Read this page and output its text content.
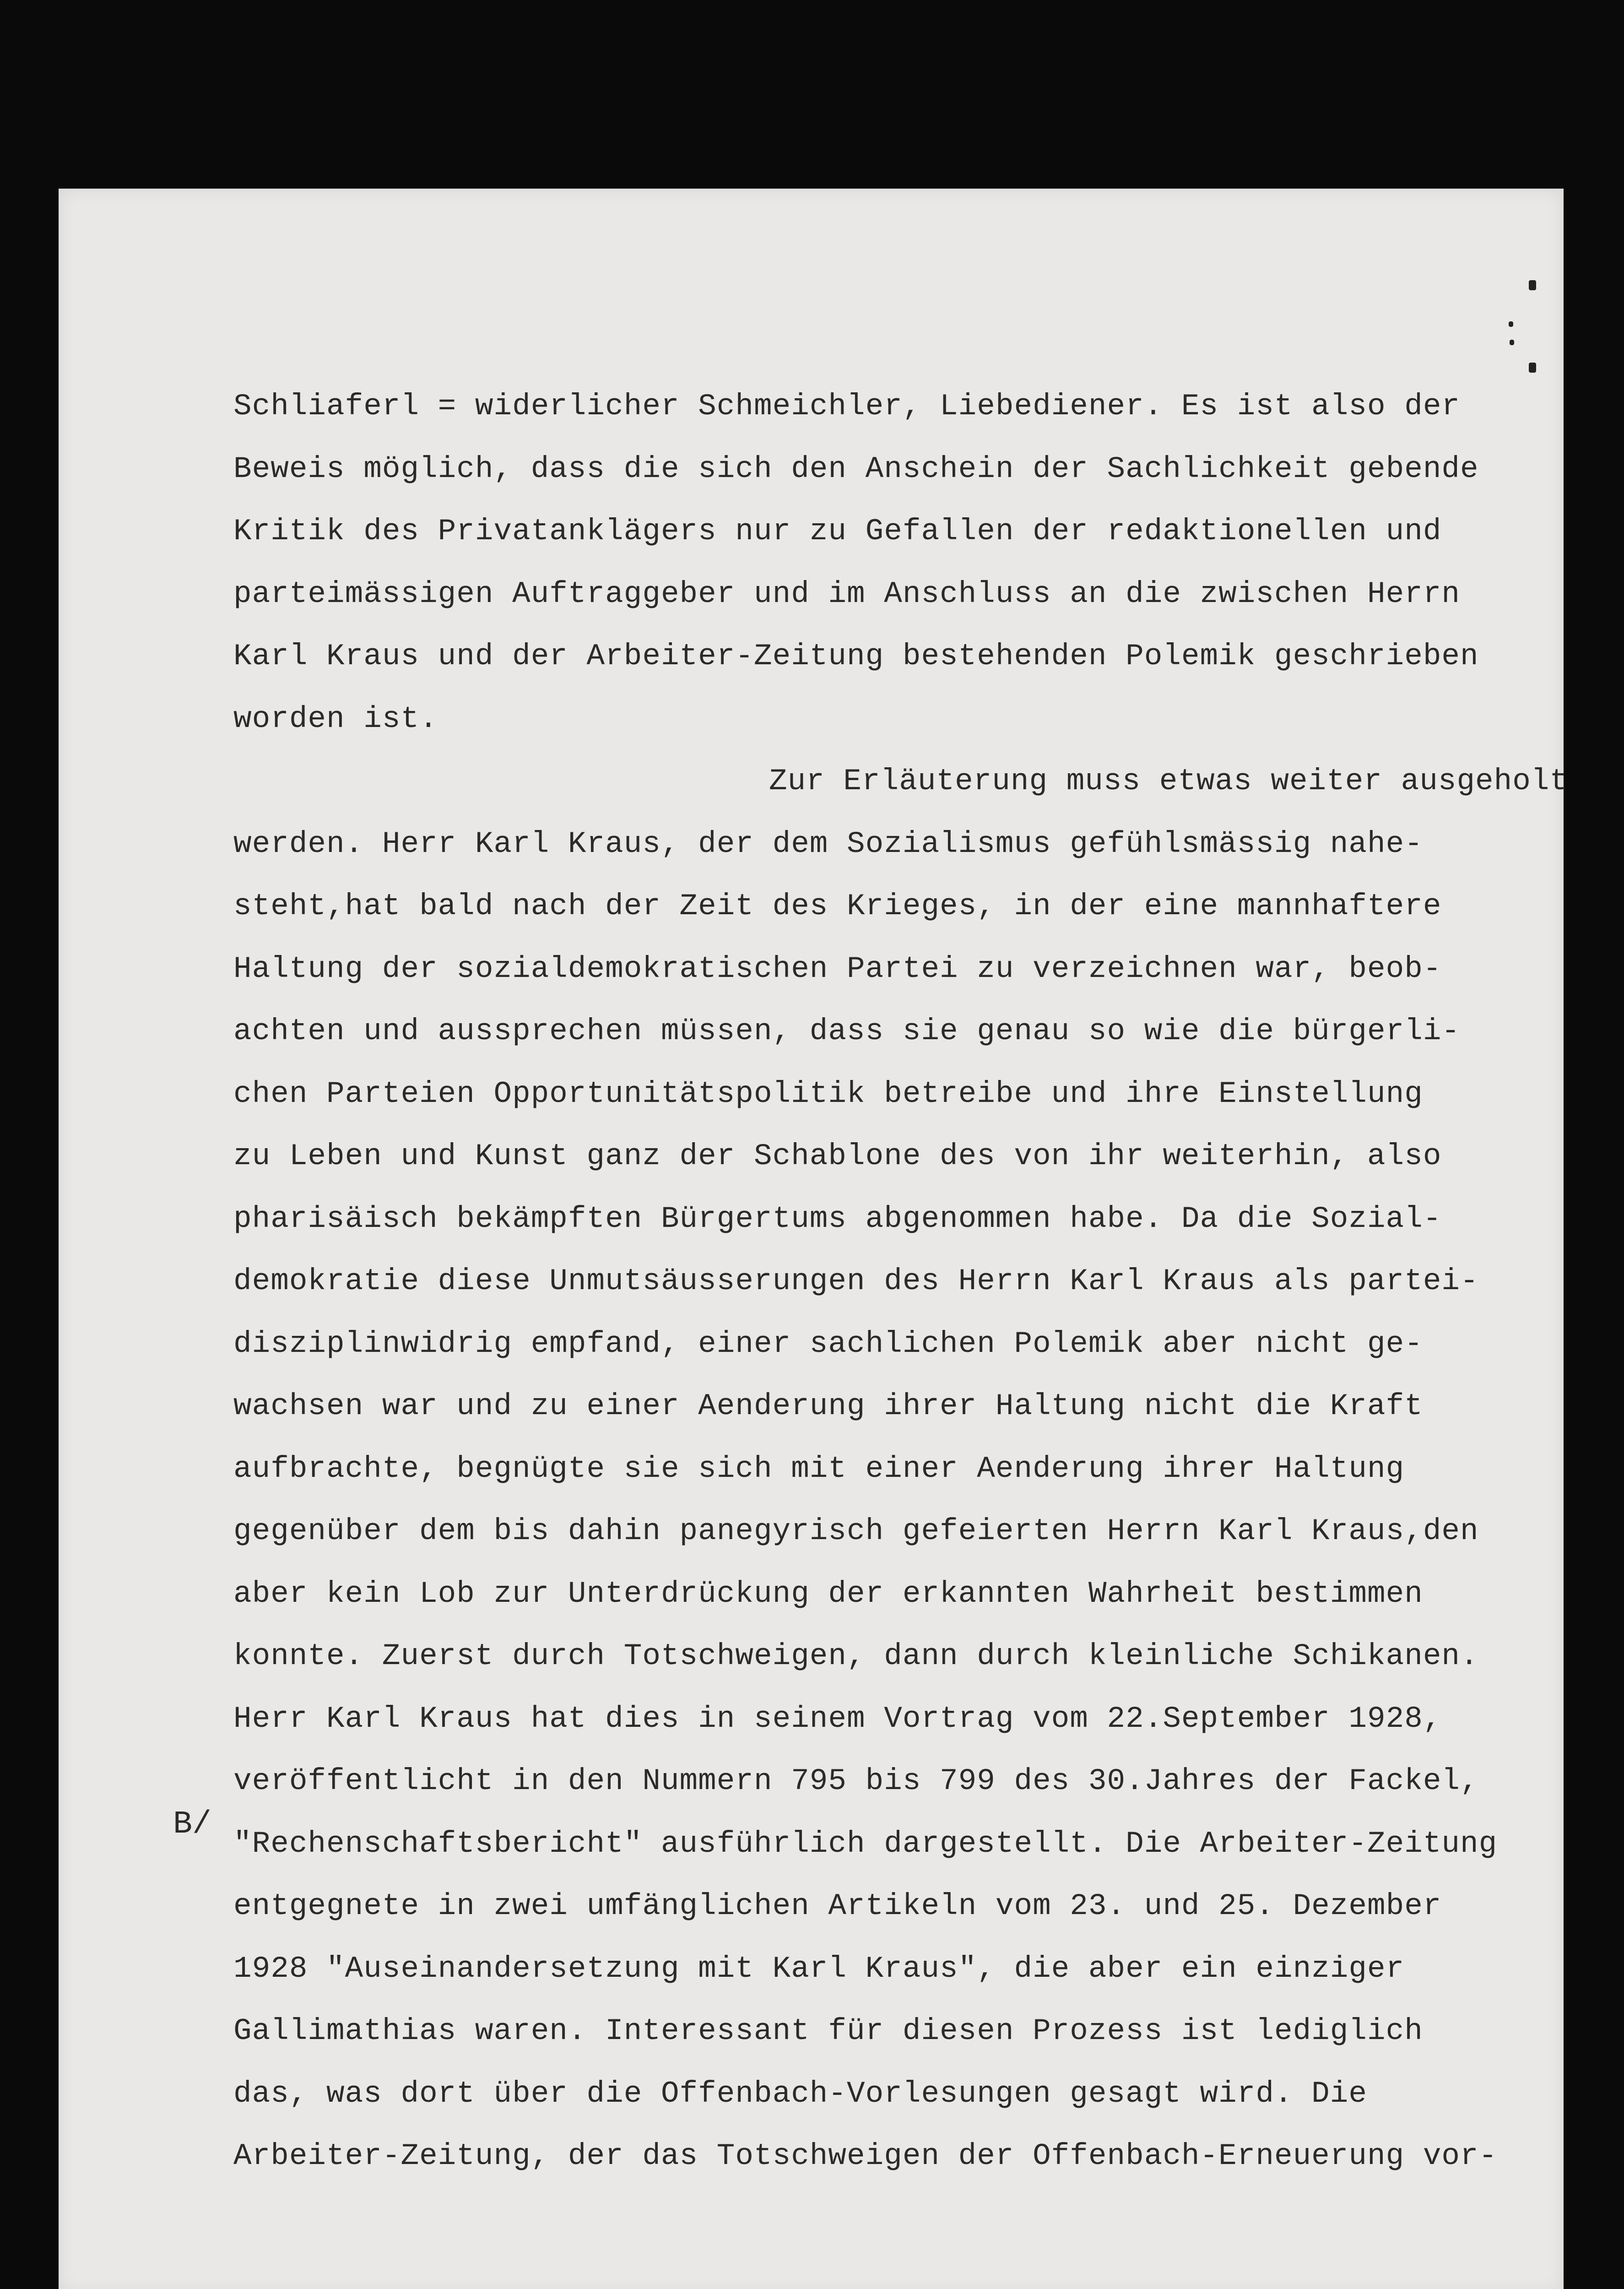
Schliaferl = widerlicher Schmeichler, Liebediener. Es ist also der
Beweis möglich, dass die sich den Anschein der Sachlichkeit gebende
Kritik des Privatanklägers nur zu Gefallen der redaktionellen und
parteimässigen Auftraggeber und im Anschluss an die zwischen Herrn
Karl Kraus und der Arbeiter-Zeitung bestehenden Polemik geschrieben
worden ist.
Zur Erläuterung muss etwas weiter ausgeholt
werden. Herr Karl Kraus, der dem Sozialismus gefühlsmässig nahe-
steht,hat bald nach der Zeit des Krieges, in der eine mannhaftere
Haltung der sozialdemokratischen Partei zu verzeichnen war, beob-
achten und aussprechen müssen, dass sie genau so wie die bürgerli-
chen Parteien Opportunitätspolitik betreibe und ihre Einstellung
zu Leben und Kunst ganz der Schablone des von ihr weiterhin, also
pharisäisch bekämpften Bürgertums abgenommen habe. Da die Sozial-
demokratie diese Unmutsäusserungen des Herrn Karl Kraus als partei-
disziplinwidrig empfand, einer sachlichen Polemik aber nicht ge-
wachsen war und zu einer Aenderung ihrer Haltung nicht die Kraft
aufbrachte, begnügte sie sich mit einer Aenderung ihrer Haltung
gegenüber dem bis dahin panegyrisch gefeierten Herrn Karl Kraus,den
aber kein Lob zur Unterdrückung der erkannten Wahrheit bestimmen
konnte. Zuerst durch Totschweigen, dann durch kleinliche Schikanen.
Herr Karl Kraus hat dies in seinem Vortrag vom 22.September 1928,
veröffentlicht in den Nummern 795 bis 799 des 30.Jahres der Fackel,
"Rechenschaftsbericht" ausführlich dargestellt. Die Arbeiter-Zeitung
entgegnete in zwei umfänglichen Artikeln vom 23. und 25. Dezember
1928 "Auseinandersetzung mit Karl Kraus", die aber ein einziger
Gallimathias waren. Interessant für diesen Prozess ist lediglich
das, was dort über die Offenbach-Vorlesungen gesagt wird. Die
Arbeiter-Zeitung, der das Totschweigen der Offenbach-Erneuerung vor-
B/
